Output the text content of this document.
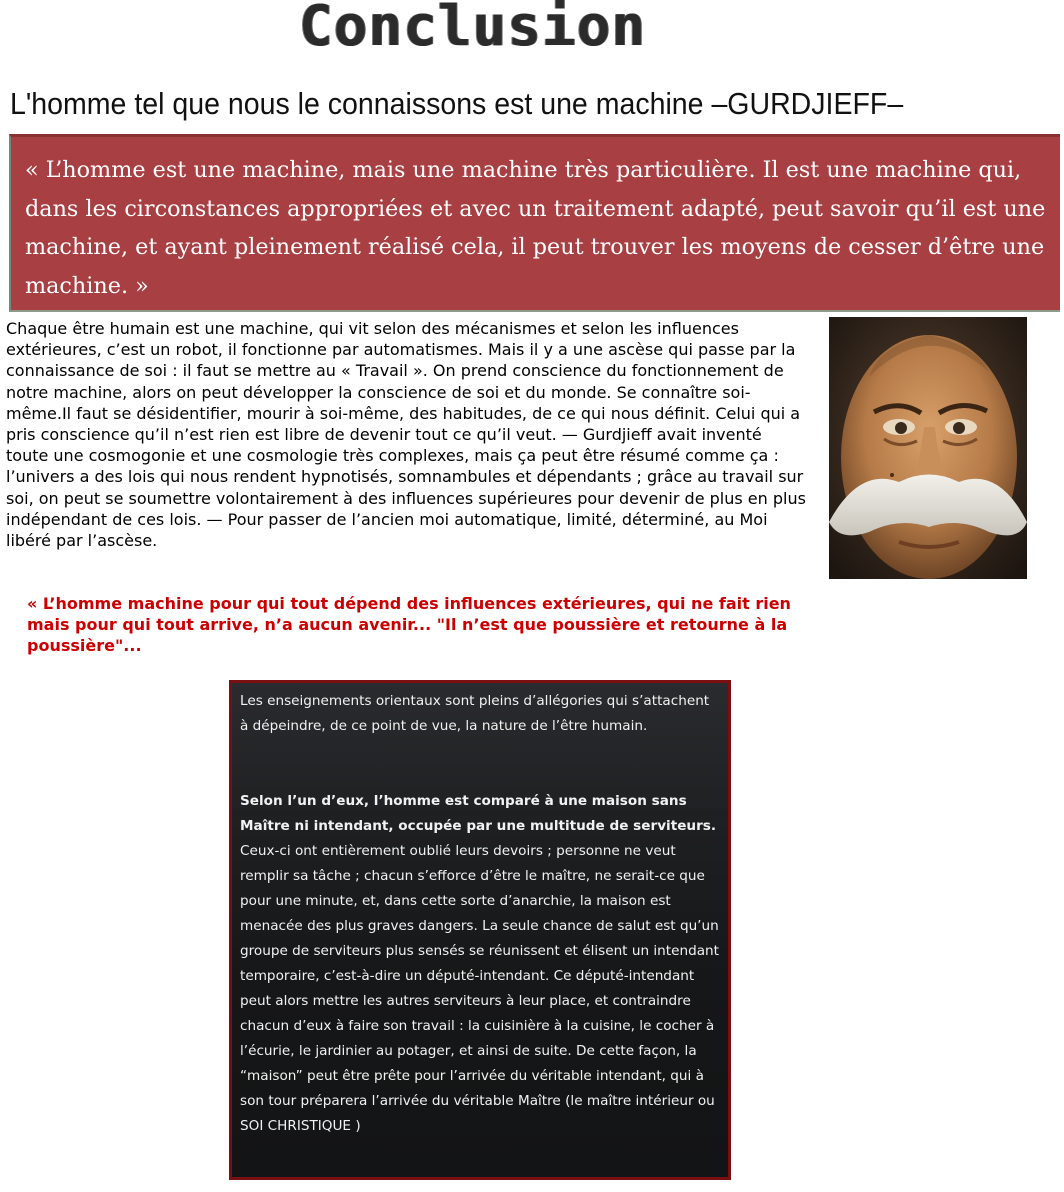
Conclusion
L'homme tel que nous le connaissons est une machine –GURDJIEFF–

« L’homme est une machine, mais une machine très particulière. Il est une machine qui, dans les circonstances appropriées et avec un traitement adapté, peut savoir qu’il est une machine, et ayant pleinement réalisé cela, il peut trouver les moyens de cesser d’être une machine. »

Chaque être humain est une machine, qui vit selon des mécanismes et selon les influences extérieures, c’est un robot, il fonctionne par automatismes. Mais il y a une ascèse qui passe par la connaissance de soi : il faut se mettre au « Travail ». On prend conscience du fonctionnement de notre machine, alors on peut développer la conscience de soi et du monde. Se connaître soi-même.Il faut se désidentifier, mourir à soi-même, des habitudes, de ce qui nous définit. Celui qui a pris conscience qu’il n’est rien est libre de devenir tout ce qu’il veut. — Gurdjieff avait inventé toute une cosmogonie et une cosmologie très complexes, mais ça peut être résumé comme ça : l’univers a des lois qui nous rendent hypnotisés, somnambules et dépendants ; grâce au travail sur soi, on peut se soumettre volontairement à des influences supérieures pour devenir de plus en plus indépendant de ces lois. — Pour passer de l’ancien moi automatique, limité, déterminé, au Moi libéré par l’ascèse.

« L’homme machine pour qui tout dépend des influences extérieures, qui ne fait rien mais pour qui tout arrive, n’a aucun avenir... "Il n’est que poussière et retourne à la poussière"...

Les enseignements orientaux sont pleins d’allégories qui s’attachent à dépeindre, de ce point de vue, la nature de l’être humain.

Selon l’un d’eux, l’homme est comparé à une maison sans Maître ni intendant, occupée par une multitude de serviteurs. Ceux-ci ont entièrement oublié leurs devoirs ; personne ne veut remplir sa tâche ; chacun s’efforce d’être le maître, ne serait-ce que pour une minute, et, dans cette sorte d’anarchie, la maison est menacée des plus graves dangers. La seule chance de salut est qu’un groupe de serviteurs plus sensés se réunissent et élisent un intendant temporaire, c’est-à-dire un député-intendant. Ce député-intendant peut alors mettre les autres serviteurs à leur place, et contraindre chacun d’eux à faire son travail : la cuisinière à la cuisine, le cocher à l’écurie, le jardinier au potager, et ainsi de suite. De cette façon, la “maison” peut être prête pour l’arrivée du véritable intendant, qui à son tour préparera l’arrivée du véritable Maître (le maître intérieur ou SOI CHRISTIQUE )
